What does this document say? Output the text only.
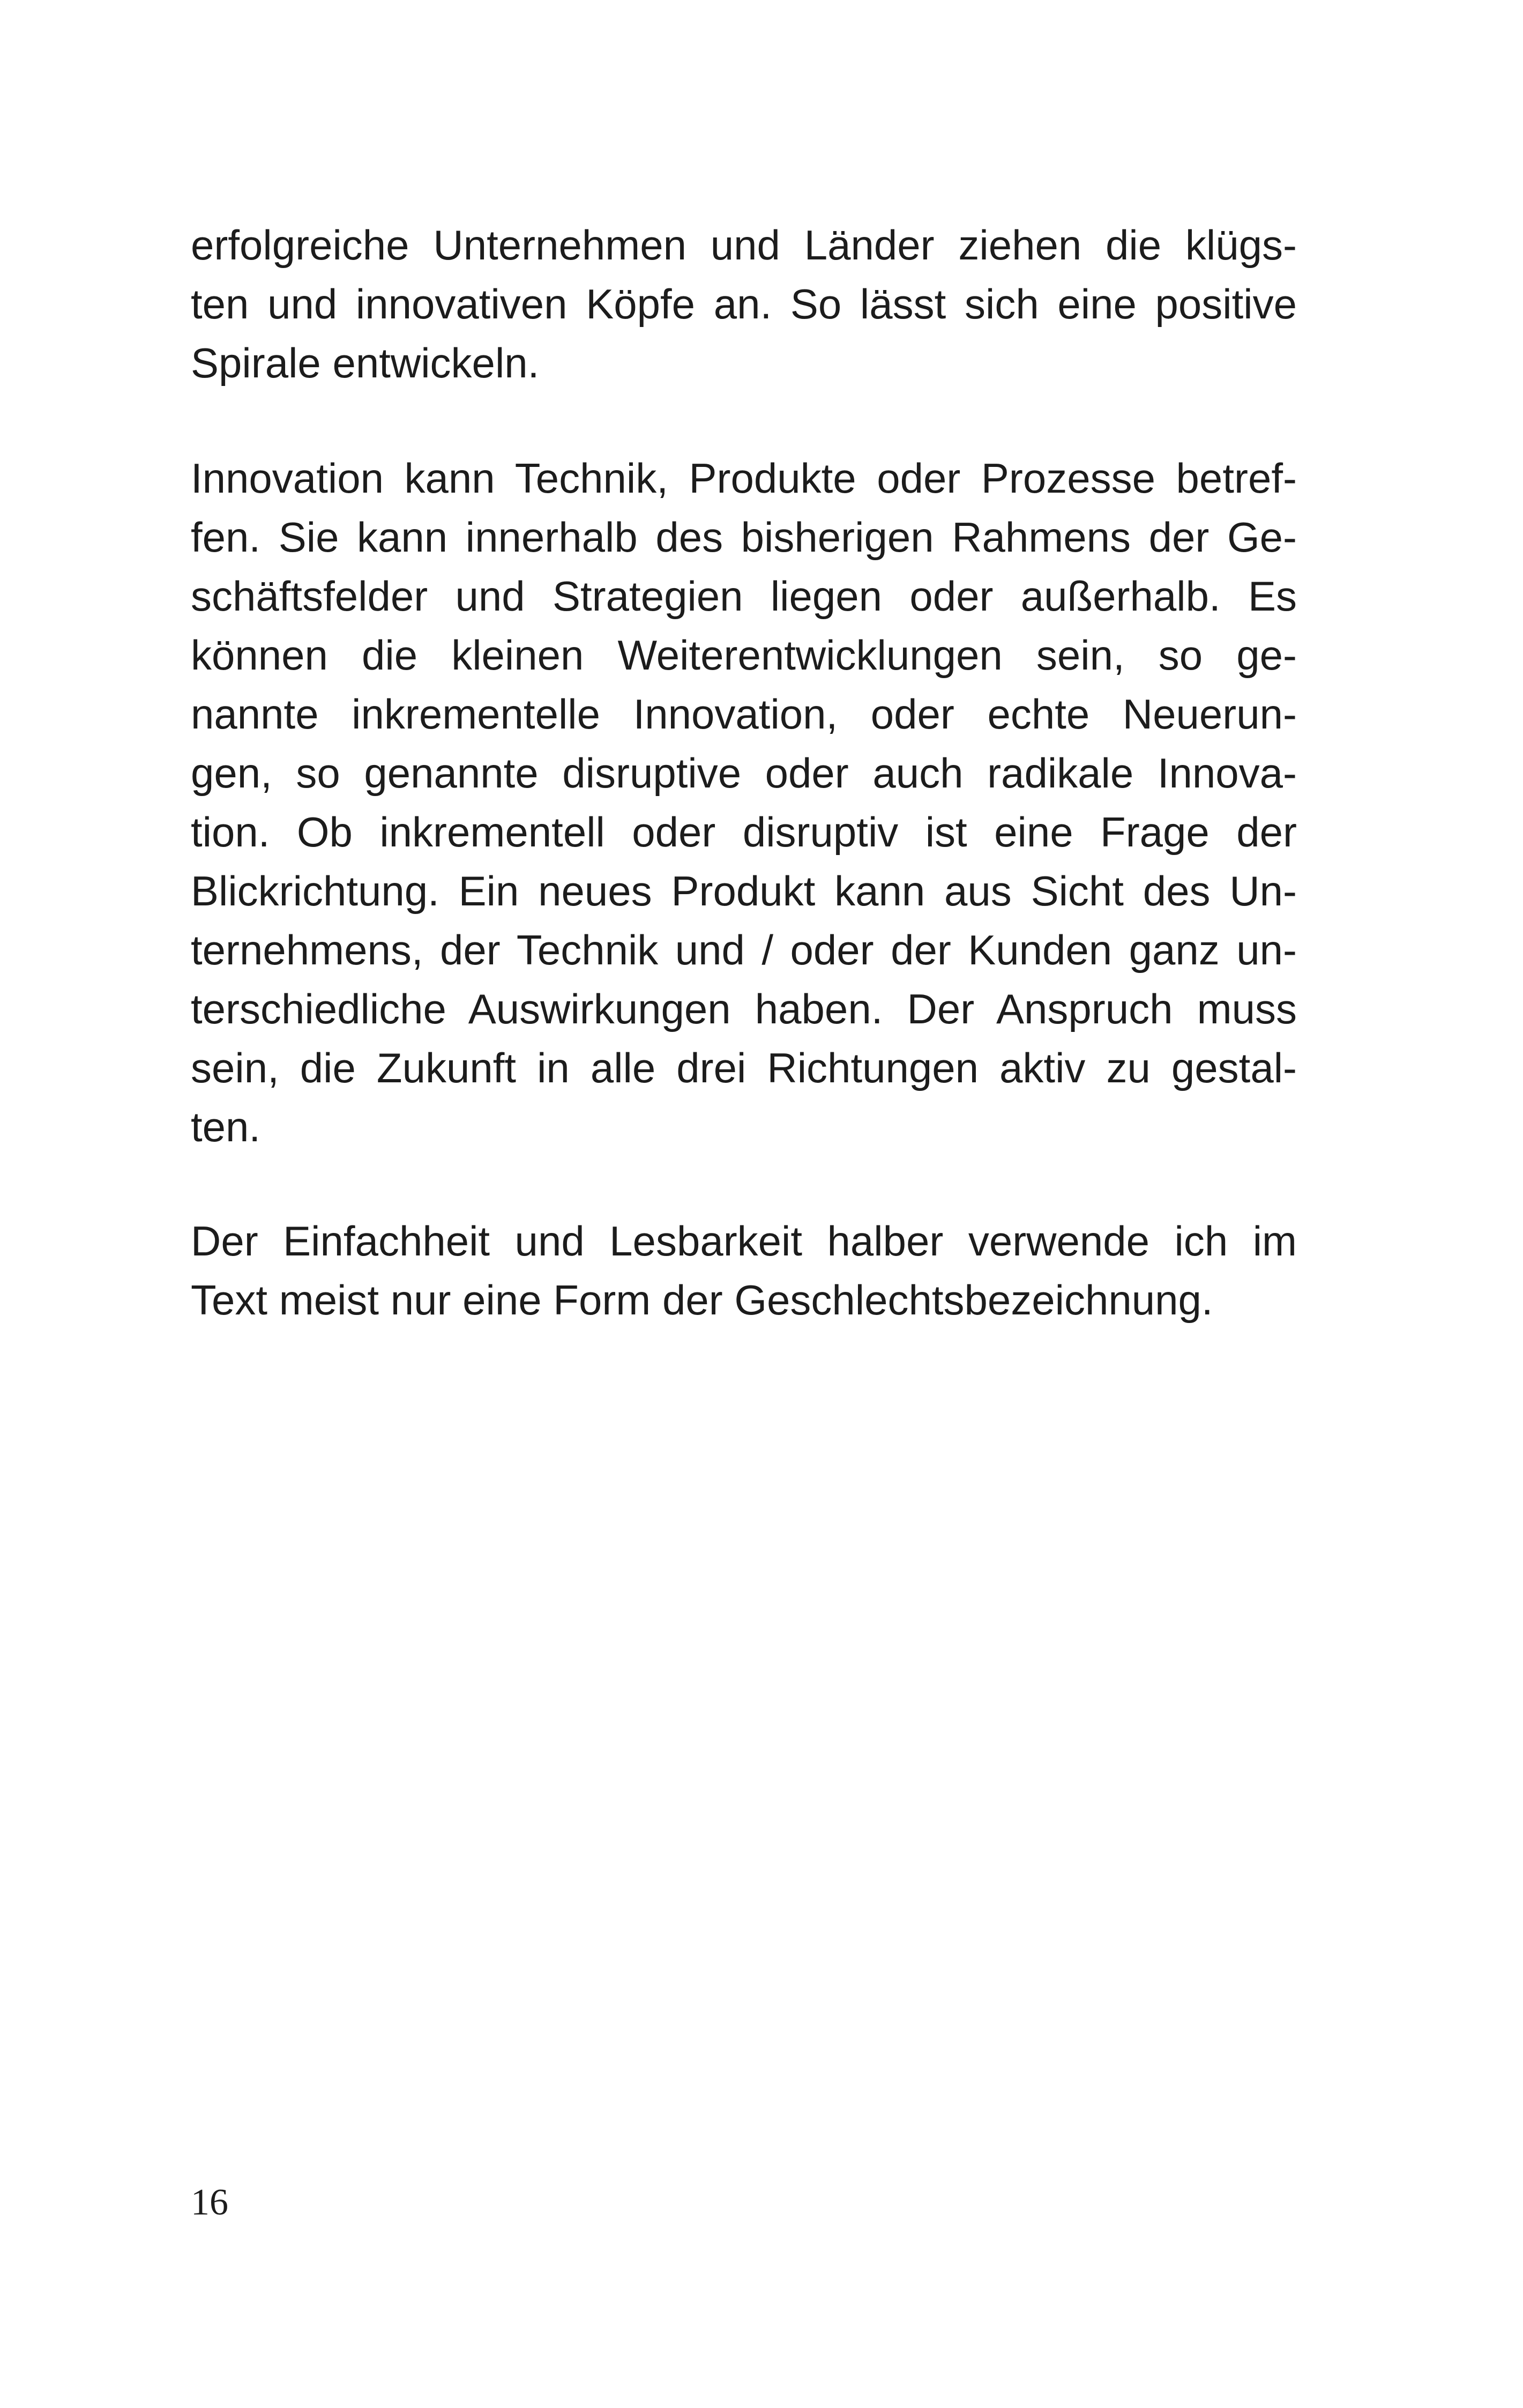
erfolgreiche Unternehmen und Länder ziehen die klügs-
ten und innovativen Köpfe an. So lässt sich eine positive
Spirale entwickeln.
Innovation kann Technik, Produkte oder Prozesse betref-
fen. Sie kann innerhalb des bisherigen Rahmens der Ge-
schäftsfelder und Strategien liegen oder außerhalb. Es
können die kleinen Weiterentwicklungen sein, so ge-
nannte inkrementelle Innovation, oder echte Neuerun-
gen, so genannte disruptive oder auch radikale Innova-
tion. Ob inkrementell oder disruptiv ist eine Frage der
Blickrichtung. Ein neues Produkt kann aus Sicht des Un-
ternehmens, der Technik und / oder der Kunden ganz un-
terschiedliche Auswirkungen haben. Der Anspruch muss
sein, die Zukunft in alle drei Richtungen aktiv zu gestal-
ten.
Der Einfachheit und Lesbarkeit halber verwende ich im
Text meist nur eine Form der Geschlechtsbezeichnung.
16
